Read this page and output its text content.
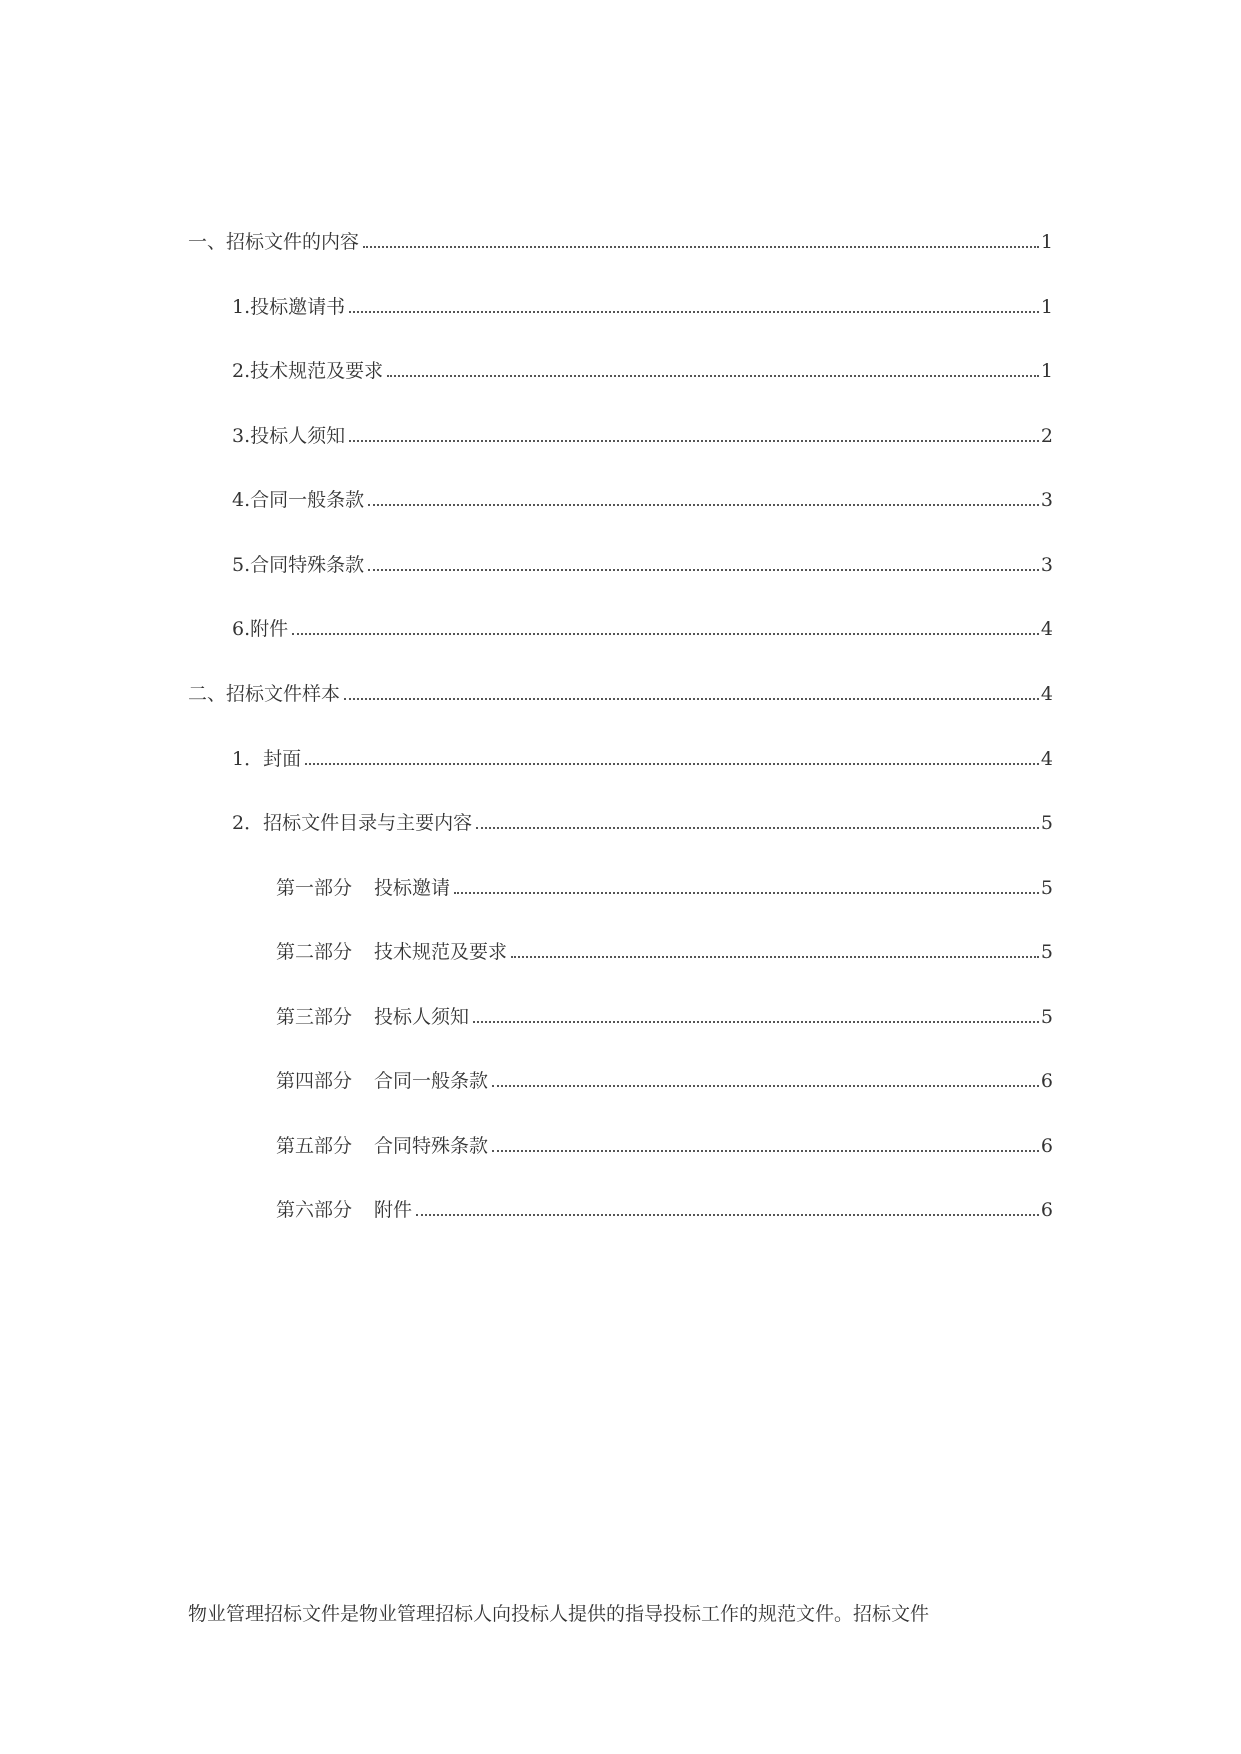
一、招标文件的内容	1
1.投标邀请书	1
2.技术规范及要求	1
3.投标人须知	2
4.合同一般条款	3
5.合同特殊条款	3
6.附件	4
二、招标文件样本	4
1．封面	4
2．招标文件目录与主要内容	5
第一部分 投标邀请	5
第二部分 技术规范及要求	5
第三部分 投标人须知	5
第四部分 合同一般条款	6
第五部分 合同特殊条款	6
第六部分 附件	6

物业管理招标文件是物业管理招标人向投标人提供的指导投标工作的规范文件。招标文件
